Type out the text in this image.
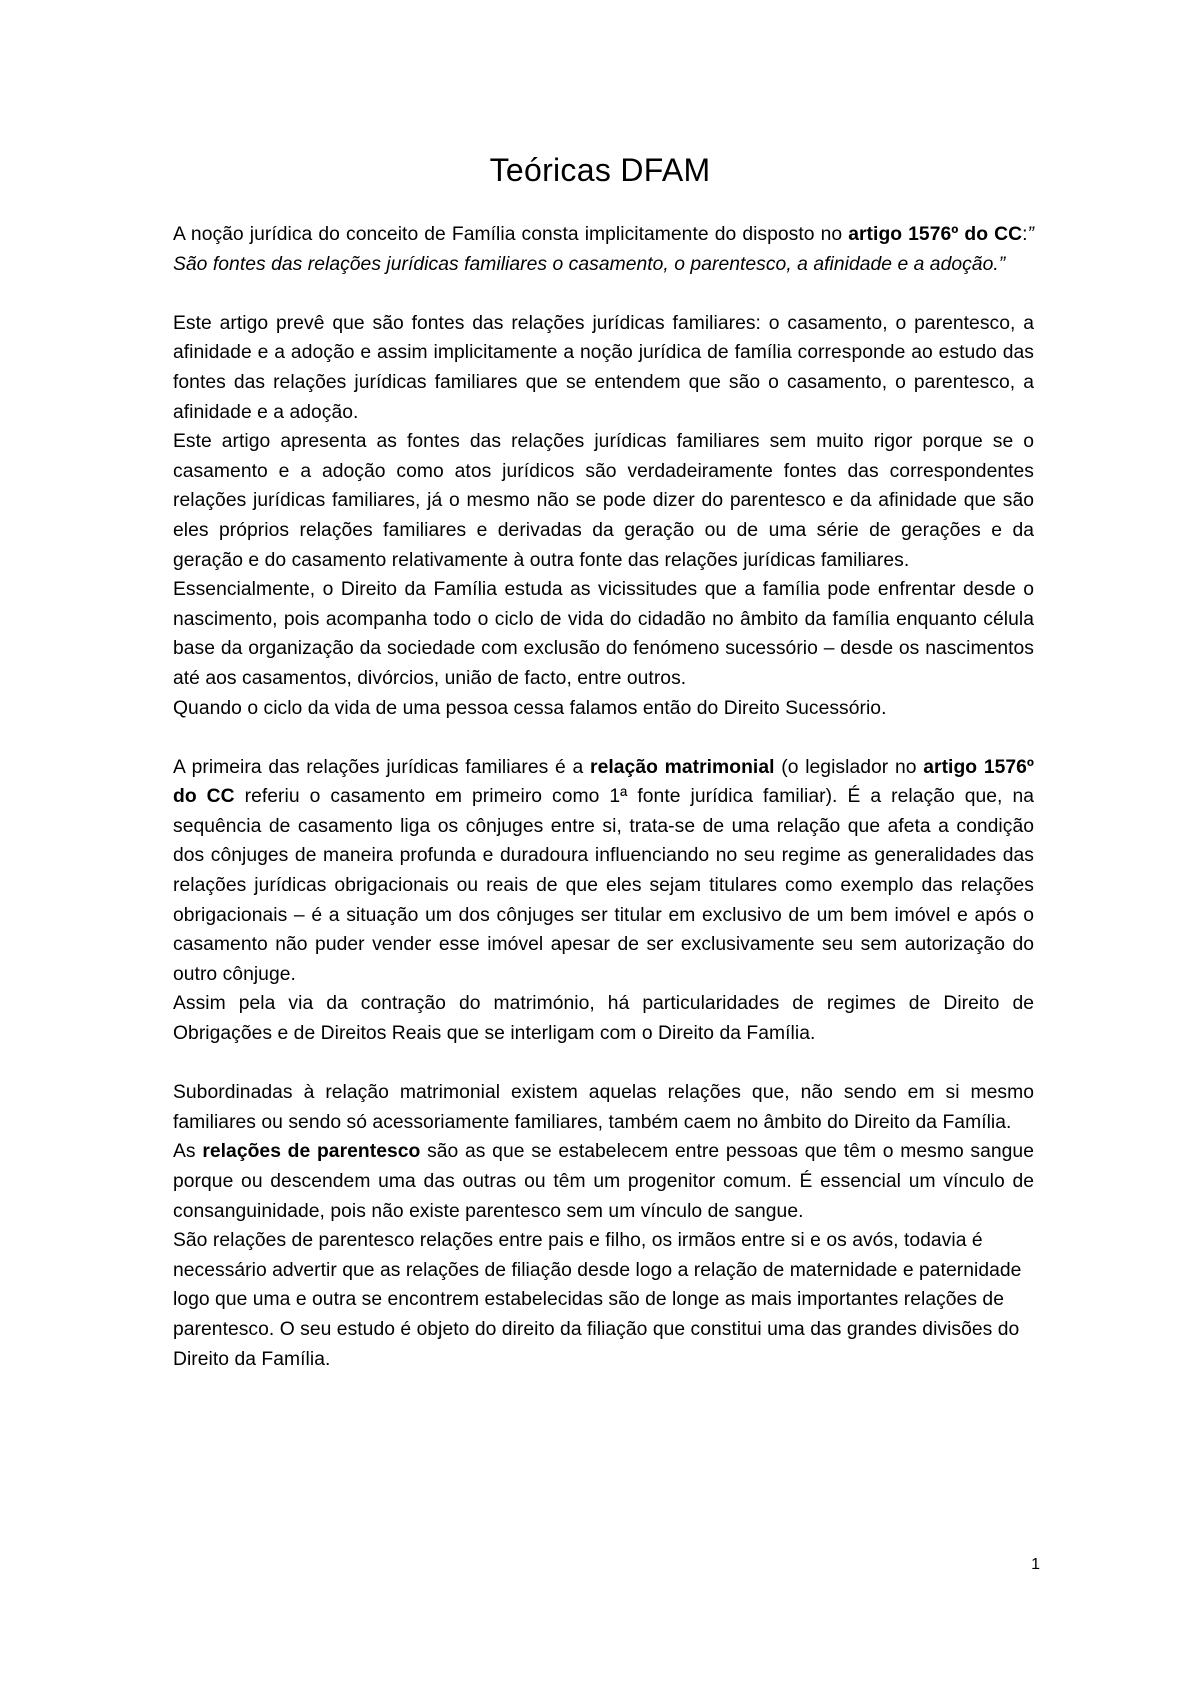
Teóricas DFAM

A noção jurídica do conceito de Família consta implicitamente do disposto no artigo 1576º do CC:” São fontes das relações jurídicas familiares o casamento, o parentesco, a afinidade e a adoção.”

Este artigo prevê que são fontes das relações jurídicas familiares: o casamento, o parentesco, a afinidade e a adoção e assim implicitamente a noção jurídica de família corresponde ao estudo das fontes das relações jurídicas familiares que se entendem que são o casamento, o parentesco, a afinidade e a adoção.

Este artigo apresenta as fontes das relações jurídicas familiares sem muito rigor porque se o casamento e a adoção como atos jurídicos são verdadeiramente fontes das correspondentes relações jurídicas familiares, já o mesmo não se pode dizer do parentesco e da afinidade que são eles próprios relações familiares e derivadas da geração ou de uma série de gerações e da geração e do casamento relativamente à outra fonte das relações jurídicas familiares.

Essencialmente, o Direito da Família estuda as vicissitudes que a família pode enfrentar desde o nascimento, pois acompanha todo o ciclo de vida do cidadão no âmbito da família enquanto célula base da organização da sociedade com exclusão do fenómeno sucessório – desde os nascimentos até aos casamentos, divórcios, união de facto, entre outros.

Quando o ciclo da vida de uma pessoa cessa falamos então do Direito Sucessório.

A primeira das relações jurídicas familiares é a relação matrimonial (o legislador no artigo 1576º do CC referiu o casamento em primeiro como 1ª fonte jurídica familiar). É a relação que, na sequência de casamento liga os cônjuges entre si, trata-se de uma relação que afeta a condição dos cônjuges de maneira profunda e duradoura influenciando no seu regime as generalidades das relações jurídicas obrigacionais ou reais de que eles sejam titulares como exemplo das relações obrigacionais – é a situação um dos cônjuges ser titular em exclusivo de um bem imóvel e após o casamento não puder vender esse imóvel apesar de ser exclusivamente seu sem autorização do outro cônjuge.

Assim pela via da contração do matrimónio, há particularidades de regimes de Direito de Obrigações e de Direitos Reais que se interligam com o Direito da Família.

Subordinadas à relação matrimonial existem aquelas relações que, não sendo em si mesmo familiares ou sendo só acessoriamente familiares, também caem no âmbito do Direito da Família.

As relações de parentesco são as que se estabelecem entre pessoas que têm o mesmo sangue porque ou descendem uma das outras ou têm um progenitor comum. É essencial um vínculo de consanguinidade, pois não existe parentesco sem um vínculo de sangue.

São relações de parentesco relações entre pais e filho, os irmãos entre si e os avós, todavia é necessário advertir que as relações de filiação desde logo a relação de maternidade e paternidade logo que uma e outra se encontrem estabelecidas são de longe as mais importantes relações de parentesco. O seu estudo é objeto do direito da filiação que constitui uma das grandes divisões do Direito da Família.

1
